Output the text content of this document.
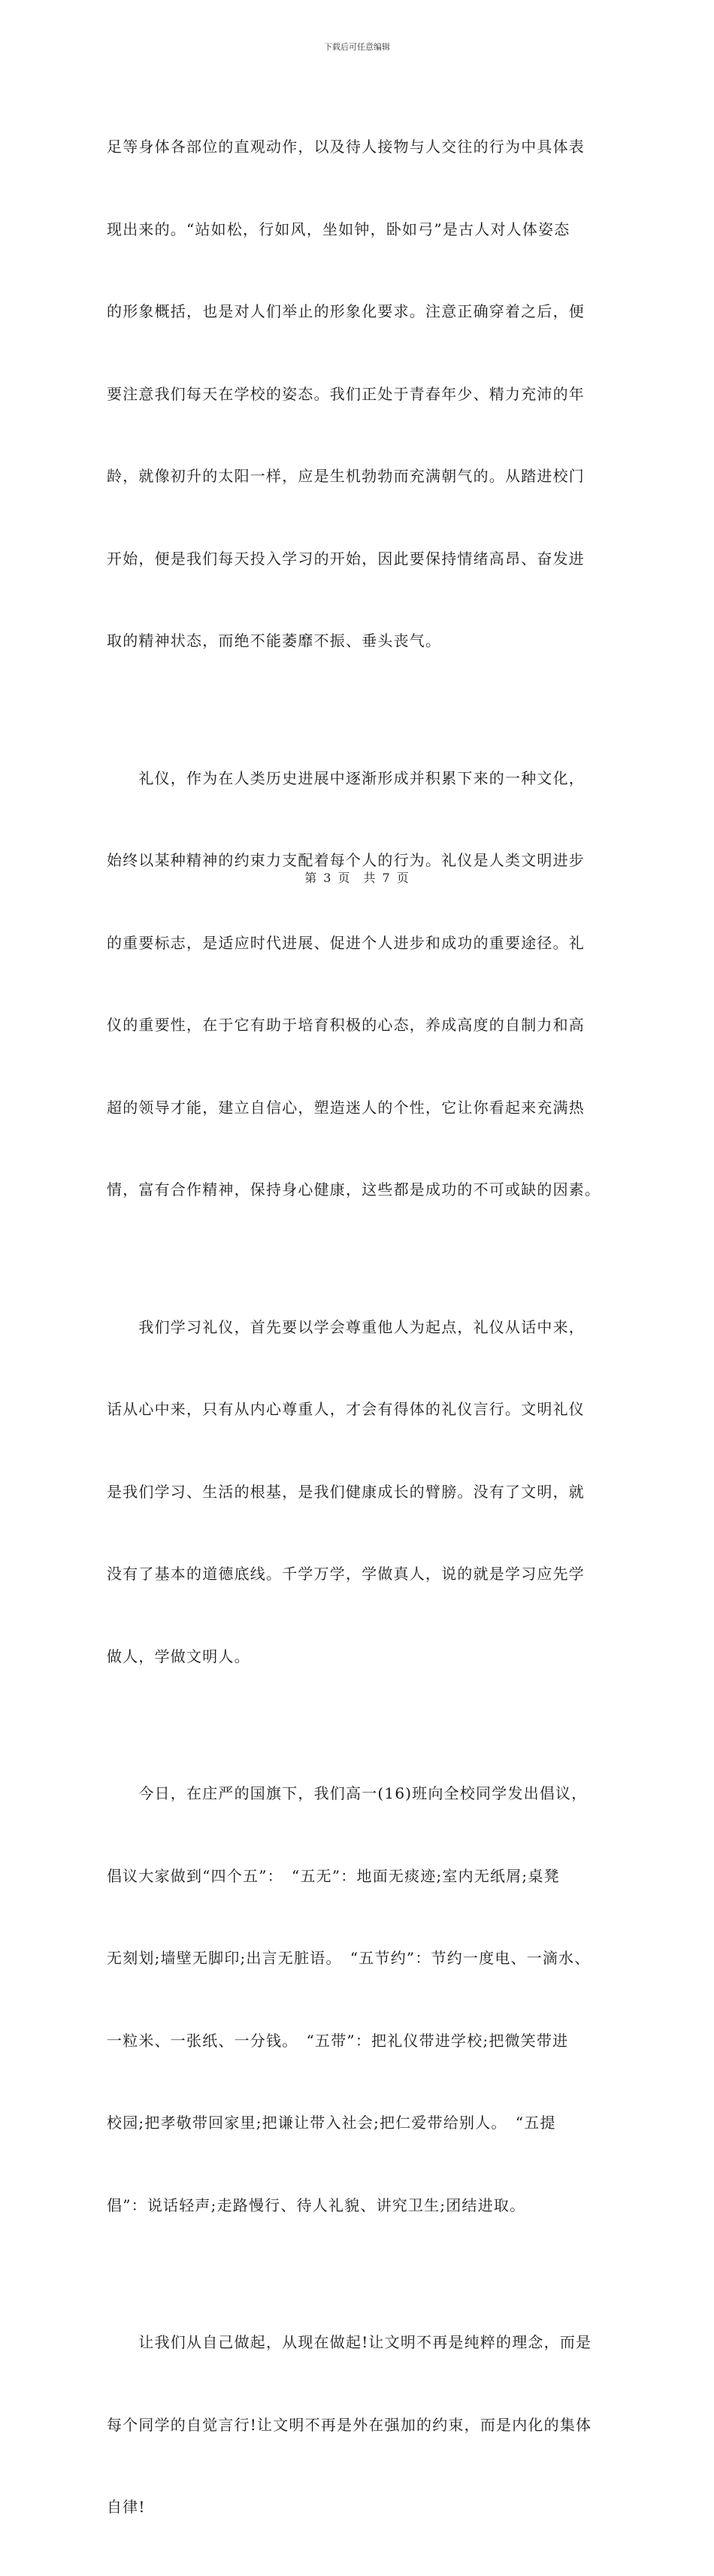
下载后可任意编辑

足等身体各部位的直观动作，以及待人接物与人交往的行为中具体表

现出来的。“站如松，行如风，坐如钟，卧如弓”是古人对人体姿态

的形象概括，也是对人们举止的形象化要求。注意正确穿着之后，便

要注意我们每天在学校的姿态。我们正处于青春年少、精力充沛的年

龄，就像初升的太阳一样，应是生机勃勃而充满朝气的。从踏进校门

开始，便是我们每天投入学习的开始，因此要保持情绪高昂、奋发进

取的精神状态，而绝不能萎靡不振、垂头丧气。

　　礼仪，作为在人类历史进展中逐渐形成并积累下来的一种文化，

始终以某种精神的约束力支配着每个人的行为。礼仪是人类文明进步

的重要标志，是适应时代进展、促进个人进步和成功的重要途径。礼

仪的重要性，在于它有助于培育积极的心态，养成高度的自制力和高

超的领导才能，建立自信心，塑造迷人的个性，它让你看起来充满热

情，富有合作精神，保持身心健康，这些都是成功的不可或缺的因素。

　　我们学习礼仪，首先要以学会尊重他人为起点，礼仪从话中来，

话从心中来，只有从内心尊重人，才会有得体的礼仪言行。文明礼仪

是我们学习、生活的根基，是我们健康成长的臂膀。没有了文明，就

没有了基本的道德底线。千学万学，学做真人，说的就是学习应先学

做人，学做文明人。

　　今日，在庄严的国旗下，我们高一(16)班向全校同学发出倡议，

倡议大家做到“四个五”：　“五无”：地面无痰迹;室内无纸屑;桌凳

无刻划;墙壁无脚印;出言无脏语。　“五节约”：节约一度电、一滴水、

一粒米、一张纸、一分钱。　“五带”：把礼仪带进学校;把微笑带进

校园;把孝敬带回家里;把谦让带入社会;把仁爱带给别人。　“五提

倡”：说话轻声;走路慢行、待人礼貌、讲究卫生;团结进取。

　　让我们从自己做起，从现在做起!让文明不再是纯粹的理念，而是

每个同学的自觉言行!让文明不再是外在强加的约束，而是内化的集体

自律!

第 3 页　共 7 页
